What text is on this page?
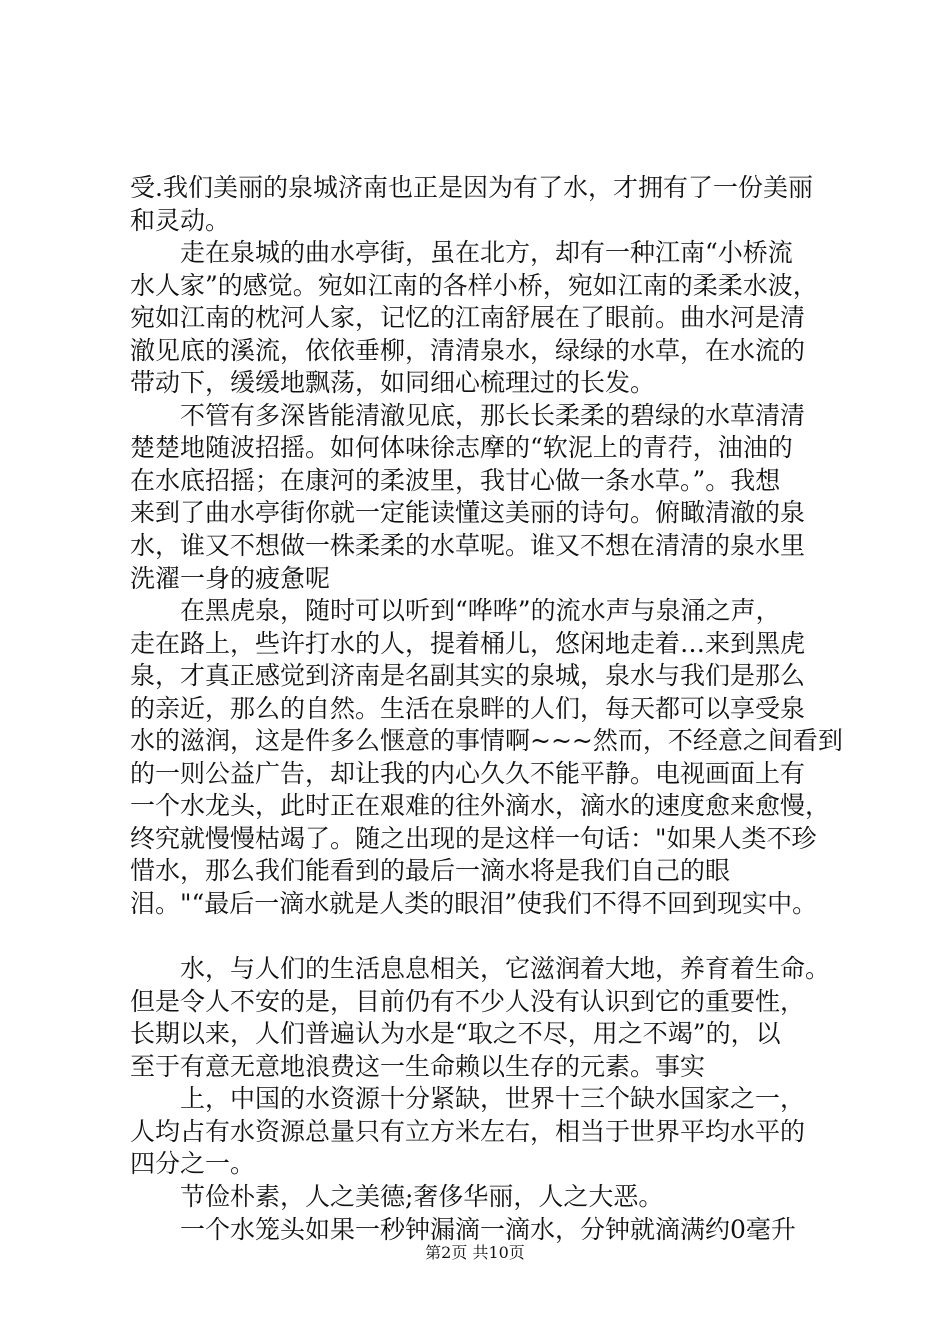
受.我们美丽的泉城济南也正是因为有了水，才拥有了一份美丽
和灵动。
走在泉城的曲水亭街，虽在北方，却有一种江南“小桥流
水人家”的感觉。宛如江南的各样小桥，宛如江南的柔柔水波，
宛如江南的枕河人家，记忆的江南舒展在了眼前。曲水河是清
澈见底的溪流，依依垂柳，清清泉水，绿绿的水草，在水流的
带动下，缓缓地飘荡，如同细心梳理过的长发。
不管有多深皆能清澈见底，那长长柔柔的碧绿的水草清清
楚楚地随波招摇。如何体味徐志摩的“软泥上的青荇，油油的
在水底招摇；在康河的柔波里，我甘心做一条水草。”。我想
来到了曲水亭街你就一定能读懂这美丽的诗句。俯瞰清澈的泉
水，谁又不想做一株柔柔的水草呢。谁又不想在清清的泉水里
洗濯一身的疲惫呢
在黑虎泉，随时可以听到“哗哗”的流水声与泉涌之声，
走在路上，些许打水的人，提着桶儿，悠闲地走着…来到黑虎
泉，才真正感觉到济南是名副其实的泉城，泉水与我们是那么
的亲近，那么的自然。生活在泉畔的人们，每天都可以享受泉
水的滋润，这是件多么惬意的事情啊~~~然而，不经意之间看到
的一则公益广告，却让我的内心久久不能平静。电视画面上有
一个水龙头，此时正在艰难的往外滴水，滴水的速度愈来愈慢，
终究就慢慢枯竭了。随之出现的是这样一句话："如果人类不珍
惜水，那么我们能看到的最后一滴水将是我们自己的眼
泪。"“最后一滴水就是人类的眼泪”使我们不得不回到现实中。
水，与人们的生活息息相关，它滋润着大地，养育着生命。
但是令人不安的是，目前仍有不少人没有认识到它的重要性，
长期以来，人们普遍认为水是“取之不尽，用之不竭”的，以
至于有意无意地浪费这一生命赖以生存的元素。事实
上，中国的水资源十分紧缺，世界十三个缺水国家之一，
人均占有水资源总量只有立方米左右，相当于世界平均水平的
四分之一。
节俭朴素，人之美德;奢侈华丽，人之大恶。
一个水笼头如果一秒钟漏滴一滴水，分钟就滴满约0毫升
第2页 共10页
